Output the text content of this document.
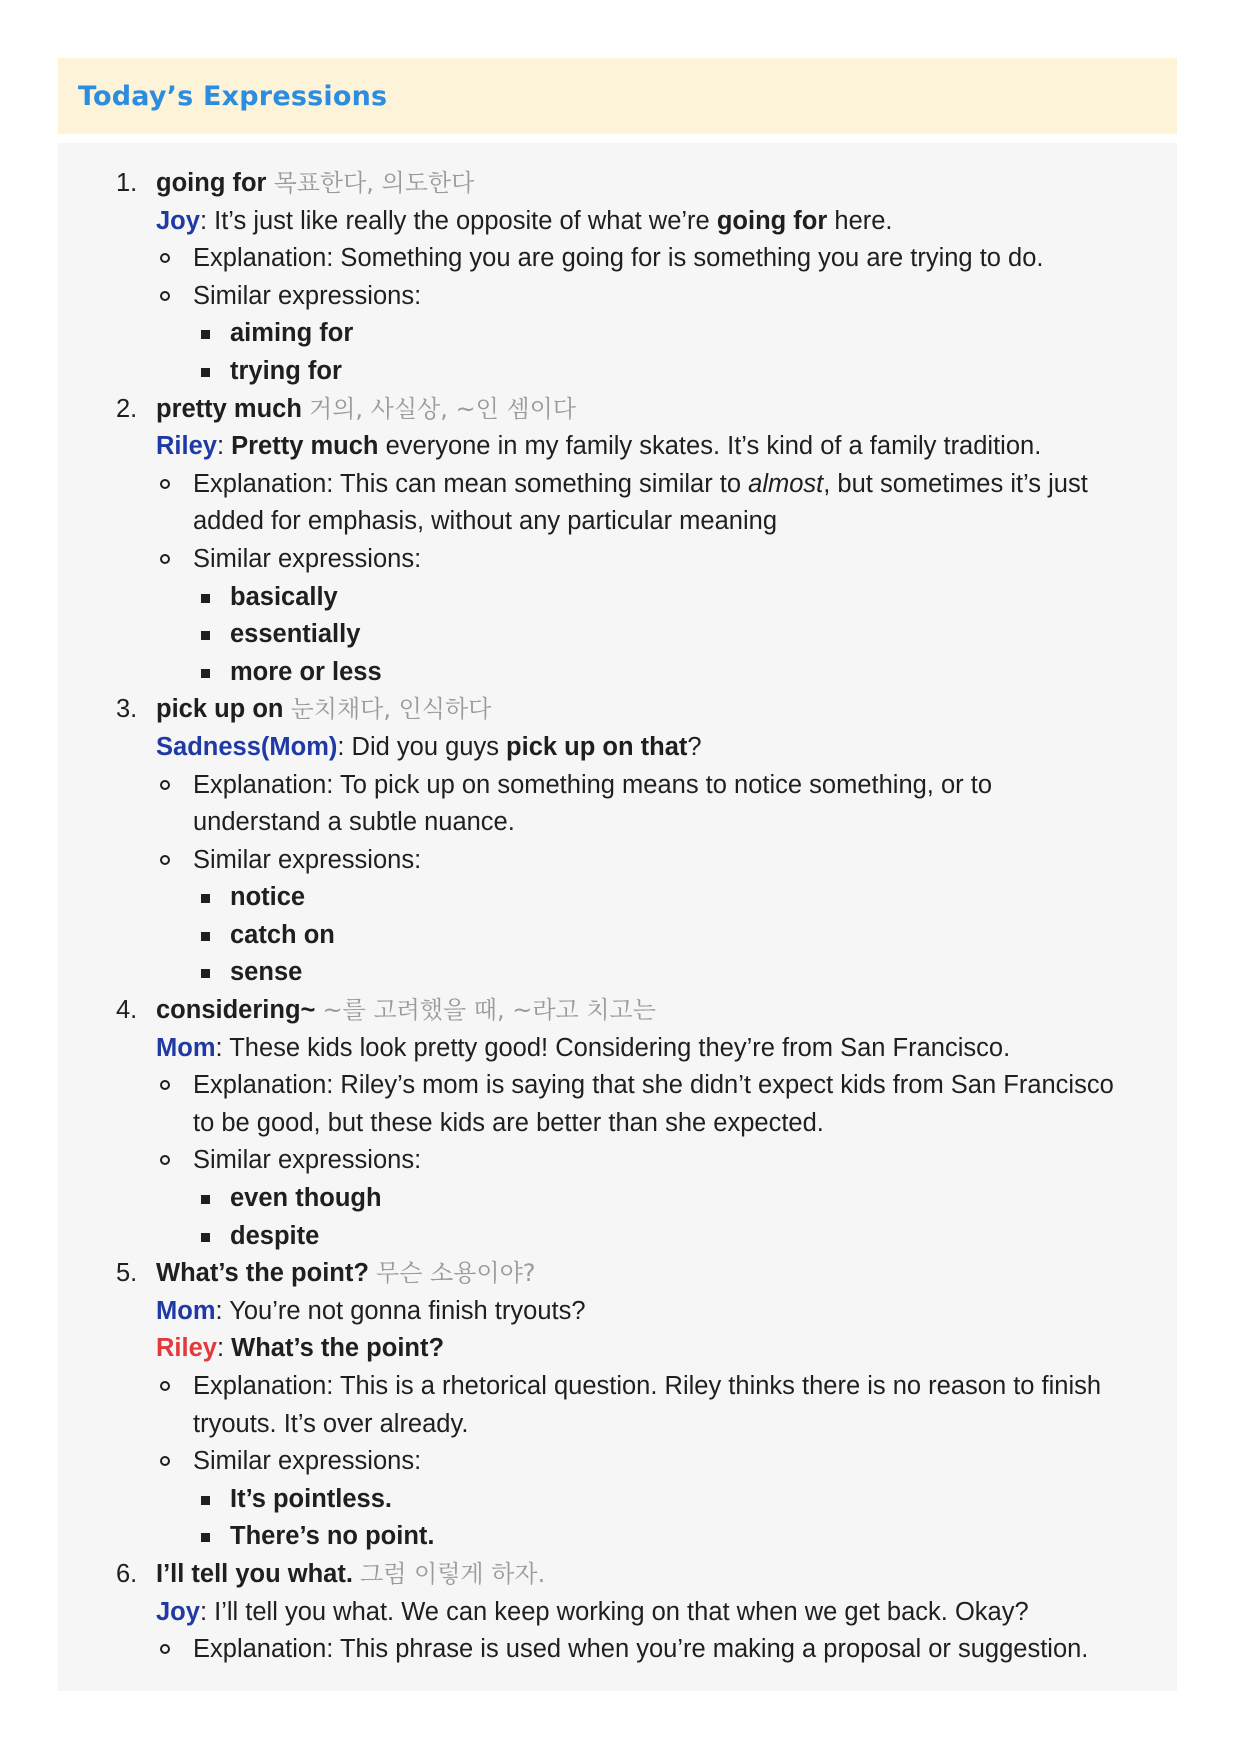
Today’s Expressions
1. going for 목표한다, 의도한다
Joy: It’s just like really the opposite of what we’re going for here.
Explanation: Something you are going for is something you are trying to do.
Similar expressions:
aiming for
trying for
2. pretty much 거의, 사실상, ~인 셈이다
Riley: Pretty much everyone in my family skates. It’s kind of a family tradition.
Explanation: This can mean something similar to almost, but sometimes it’s just
added for emphasis, without any particular meaning
Similar expressions:
basically
essentially
more or less
3. pick up on 눈치채다, 인식하다
Sadness(Mom): Did you guys pick up on that?
Explanation: To pick up on something means to notice something, or to
understand a subtle nuance.
Similar expressions:
notice
catch on
sense
4. considering~ ~를 고려했을 때, ~라고 치고는
Mom: These kids look pretty good! Considering they’re from San Francisco.
Explanation: Riley’s mom is saying that she didn’t expect kids from San Francisco
to be good, but these kids are better than she expected.
Similar expressions:
even though
despite
5. What’s the point? 무슨 소용이야?
Mom: You’re not gonna finish tryouts?
Riley: What’s the point?
Explanation: This is a rhetorical question. Riley thinks there is no reason to finish
tryouts. It’s over already.
Similar expressions:
It’s pointless.
There’s no point.
6. I’ll tell you what. 그럼 이렇게 하자.
Joy: I’ll tell you what. We can keep working on that when we get back. Okay?
Explanation: This phrase is used when you’re making a proposal or suggestion.
